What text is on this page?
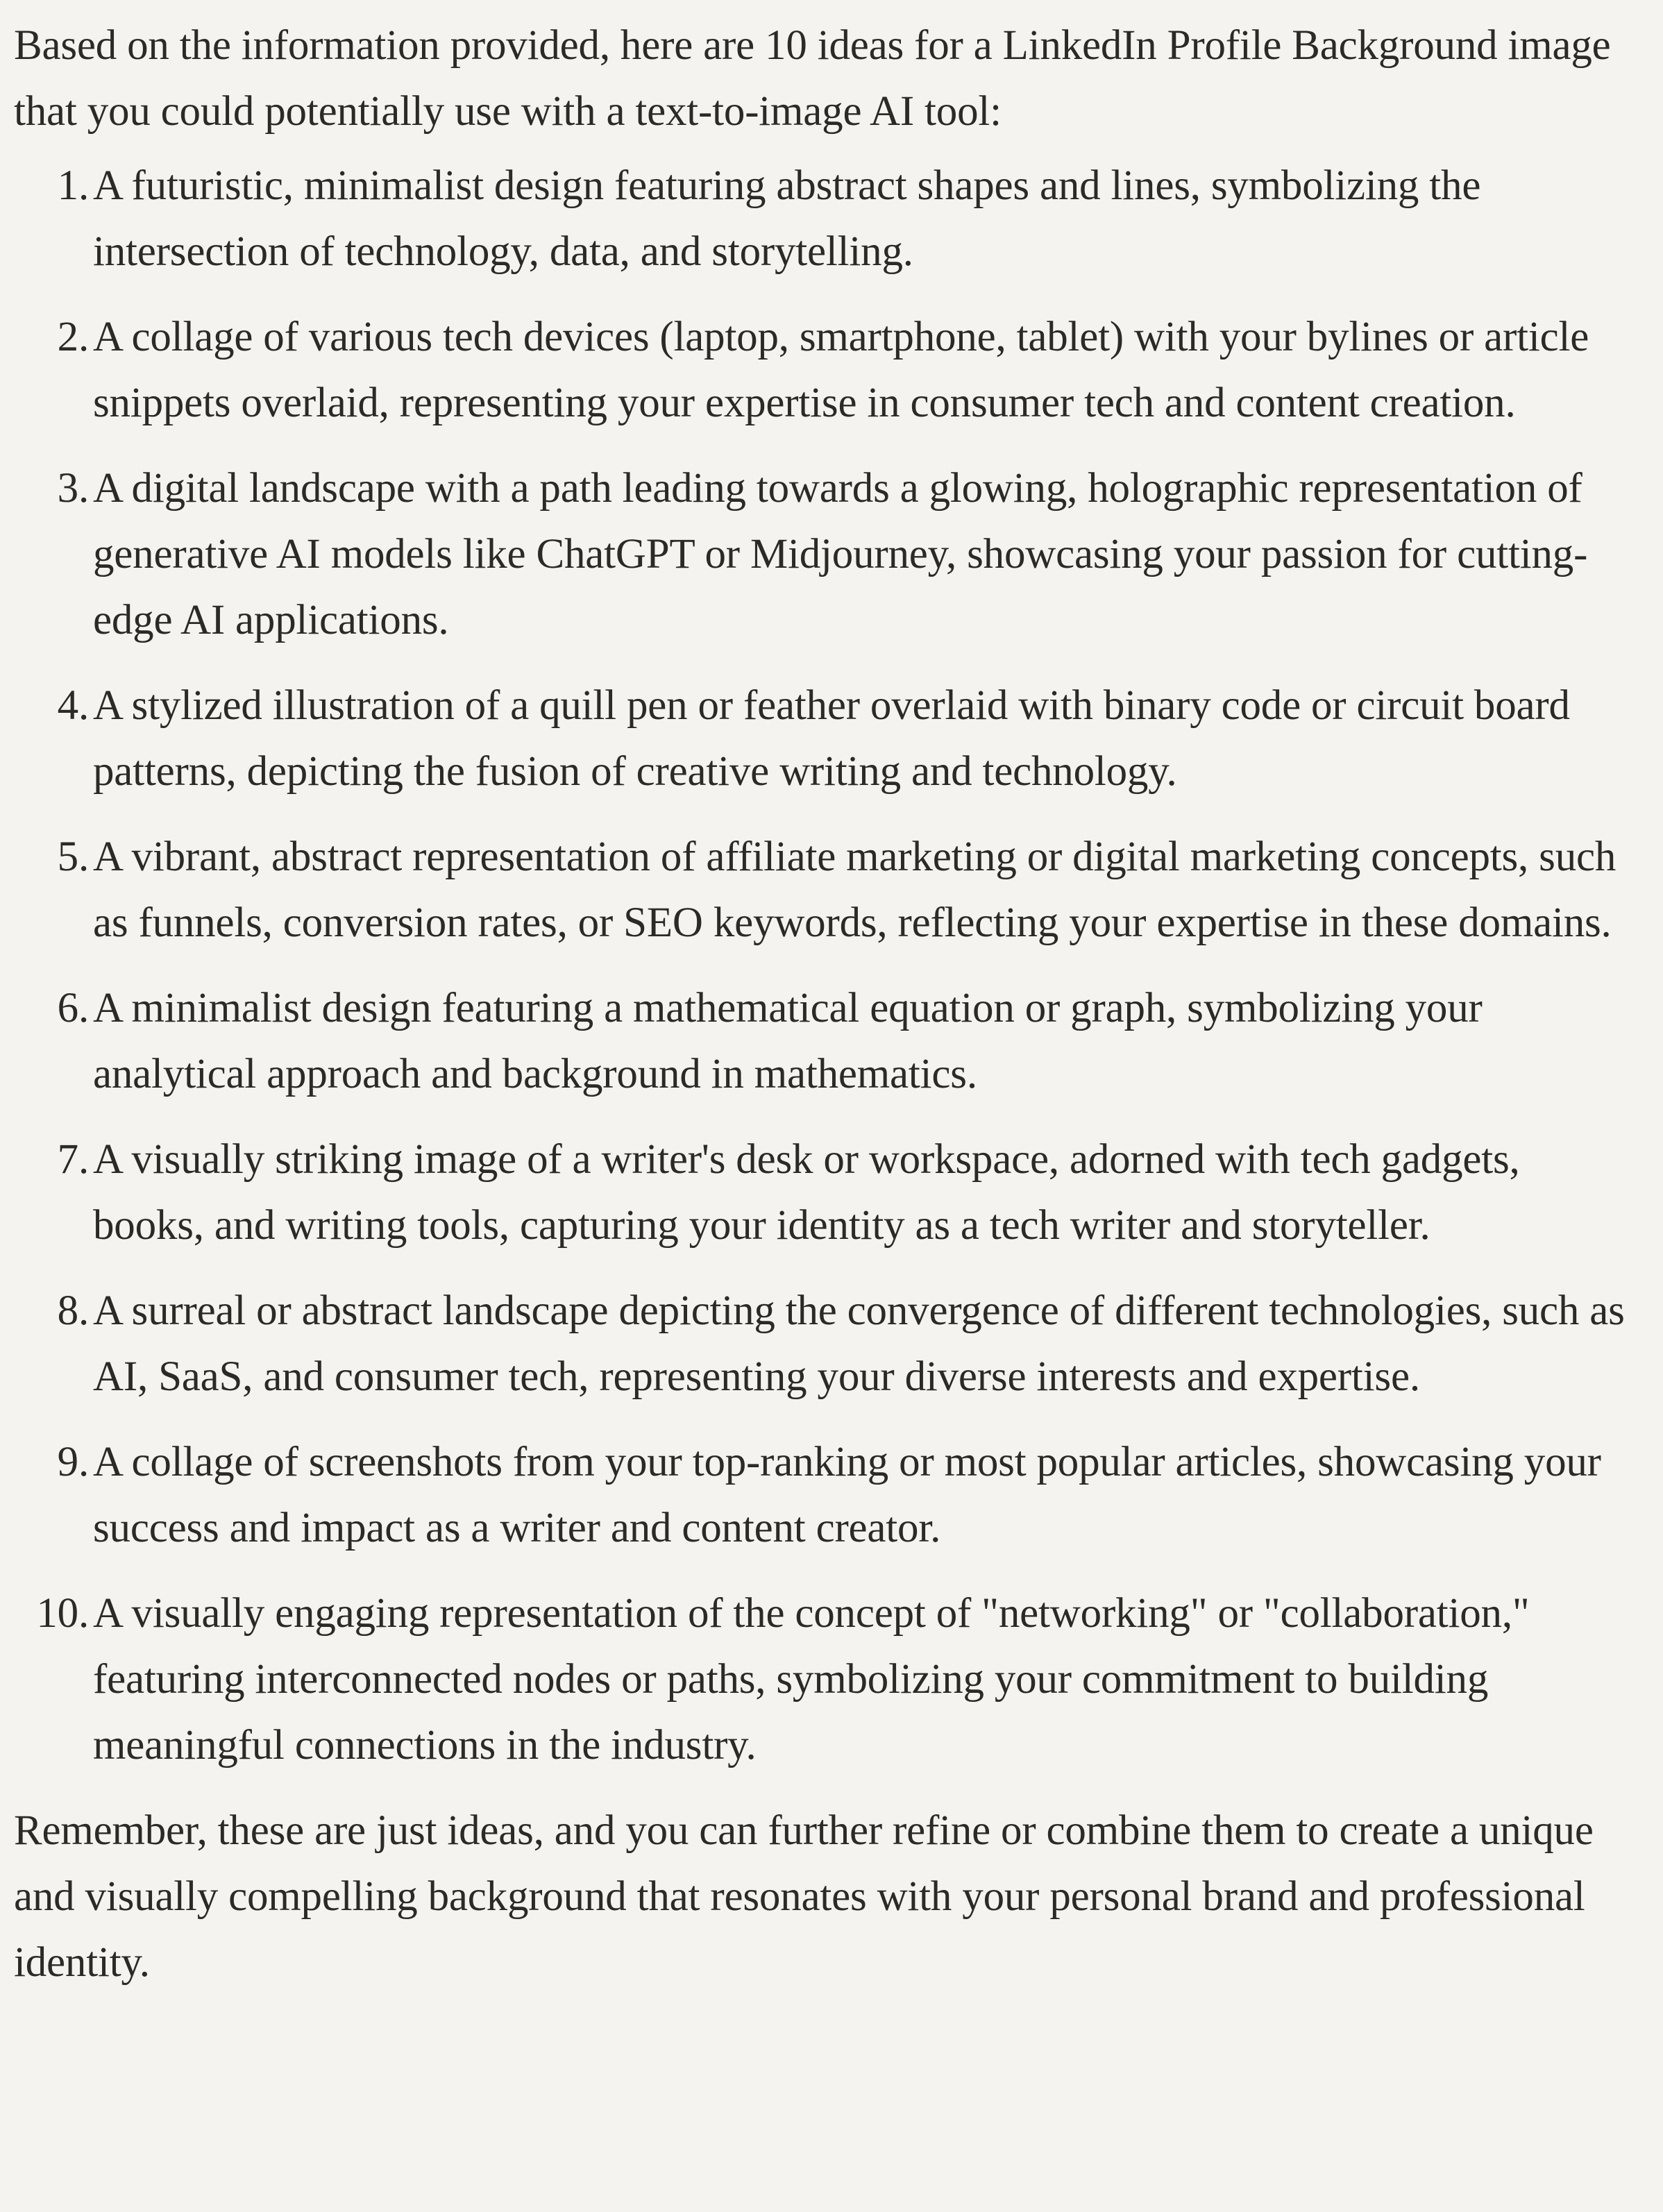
Based on the information provided, here are 10 ideas for a LinkedIn Profile Background image that you could potentially use with a text-to-image AI tool:

1. A futuristic, minimalist design featuring abstract shapes and lines, symbolizing the intersection of technology, data, and storytelling.
2. A collage of various tech devices (laptop, smartphone, tablet) with your bylines or article snippets overlaid, representing your expertise in consumer tech and content creation.
3. A digital landscape with a path leading towards a glowing, holographic representation of generative AI models like ChatGPT or Midjourney, showcasing your passion for cutting-edge AI applications.
4. A stylized illustration of a quill pen or feather overlaid with binary code or circuit board patterns, depicting the fusion of creative writing and technology.
5. A vibrant, abstract representation of affiliate marketing or digital marketing concepts, such as funnels, conversion rates, or SEO keywords, reflecting your expertise in these domains.
6. A minimalist design featuring a mathematical equation or graph, symbolizing your analytical approach and background in mathematics.
7. A visually striking image of a writer's desk or workspace, adorned with tech gadgets, books, and writing tools, capturing your identity as a tech writer and storyteller.
8. A surreal or abstract landscape depicting the convergence of different technologies, such as AI, SaaS, and consumer tech, representing your diverse interests and expertise.
9. A collage of screenshots from your top-ranking or most popular articles, showcasing your success and impact as a writer and content creator.
10. A visually engaging representation of the concept of "networking" or "collaboration," featuring interconnected nodes or paths, symbolizing your commitment to building meaningful connections in the industry.

Remember, these are just ideas, and you can further refine or combine them to create a unique and visually compelling background that resonates with your personal brand and professional identity.
